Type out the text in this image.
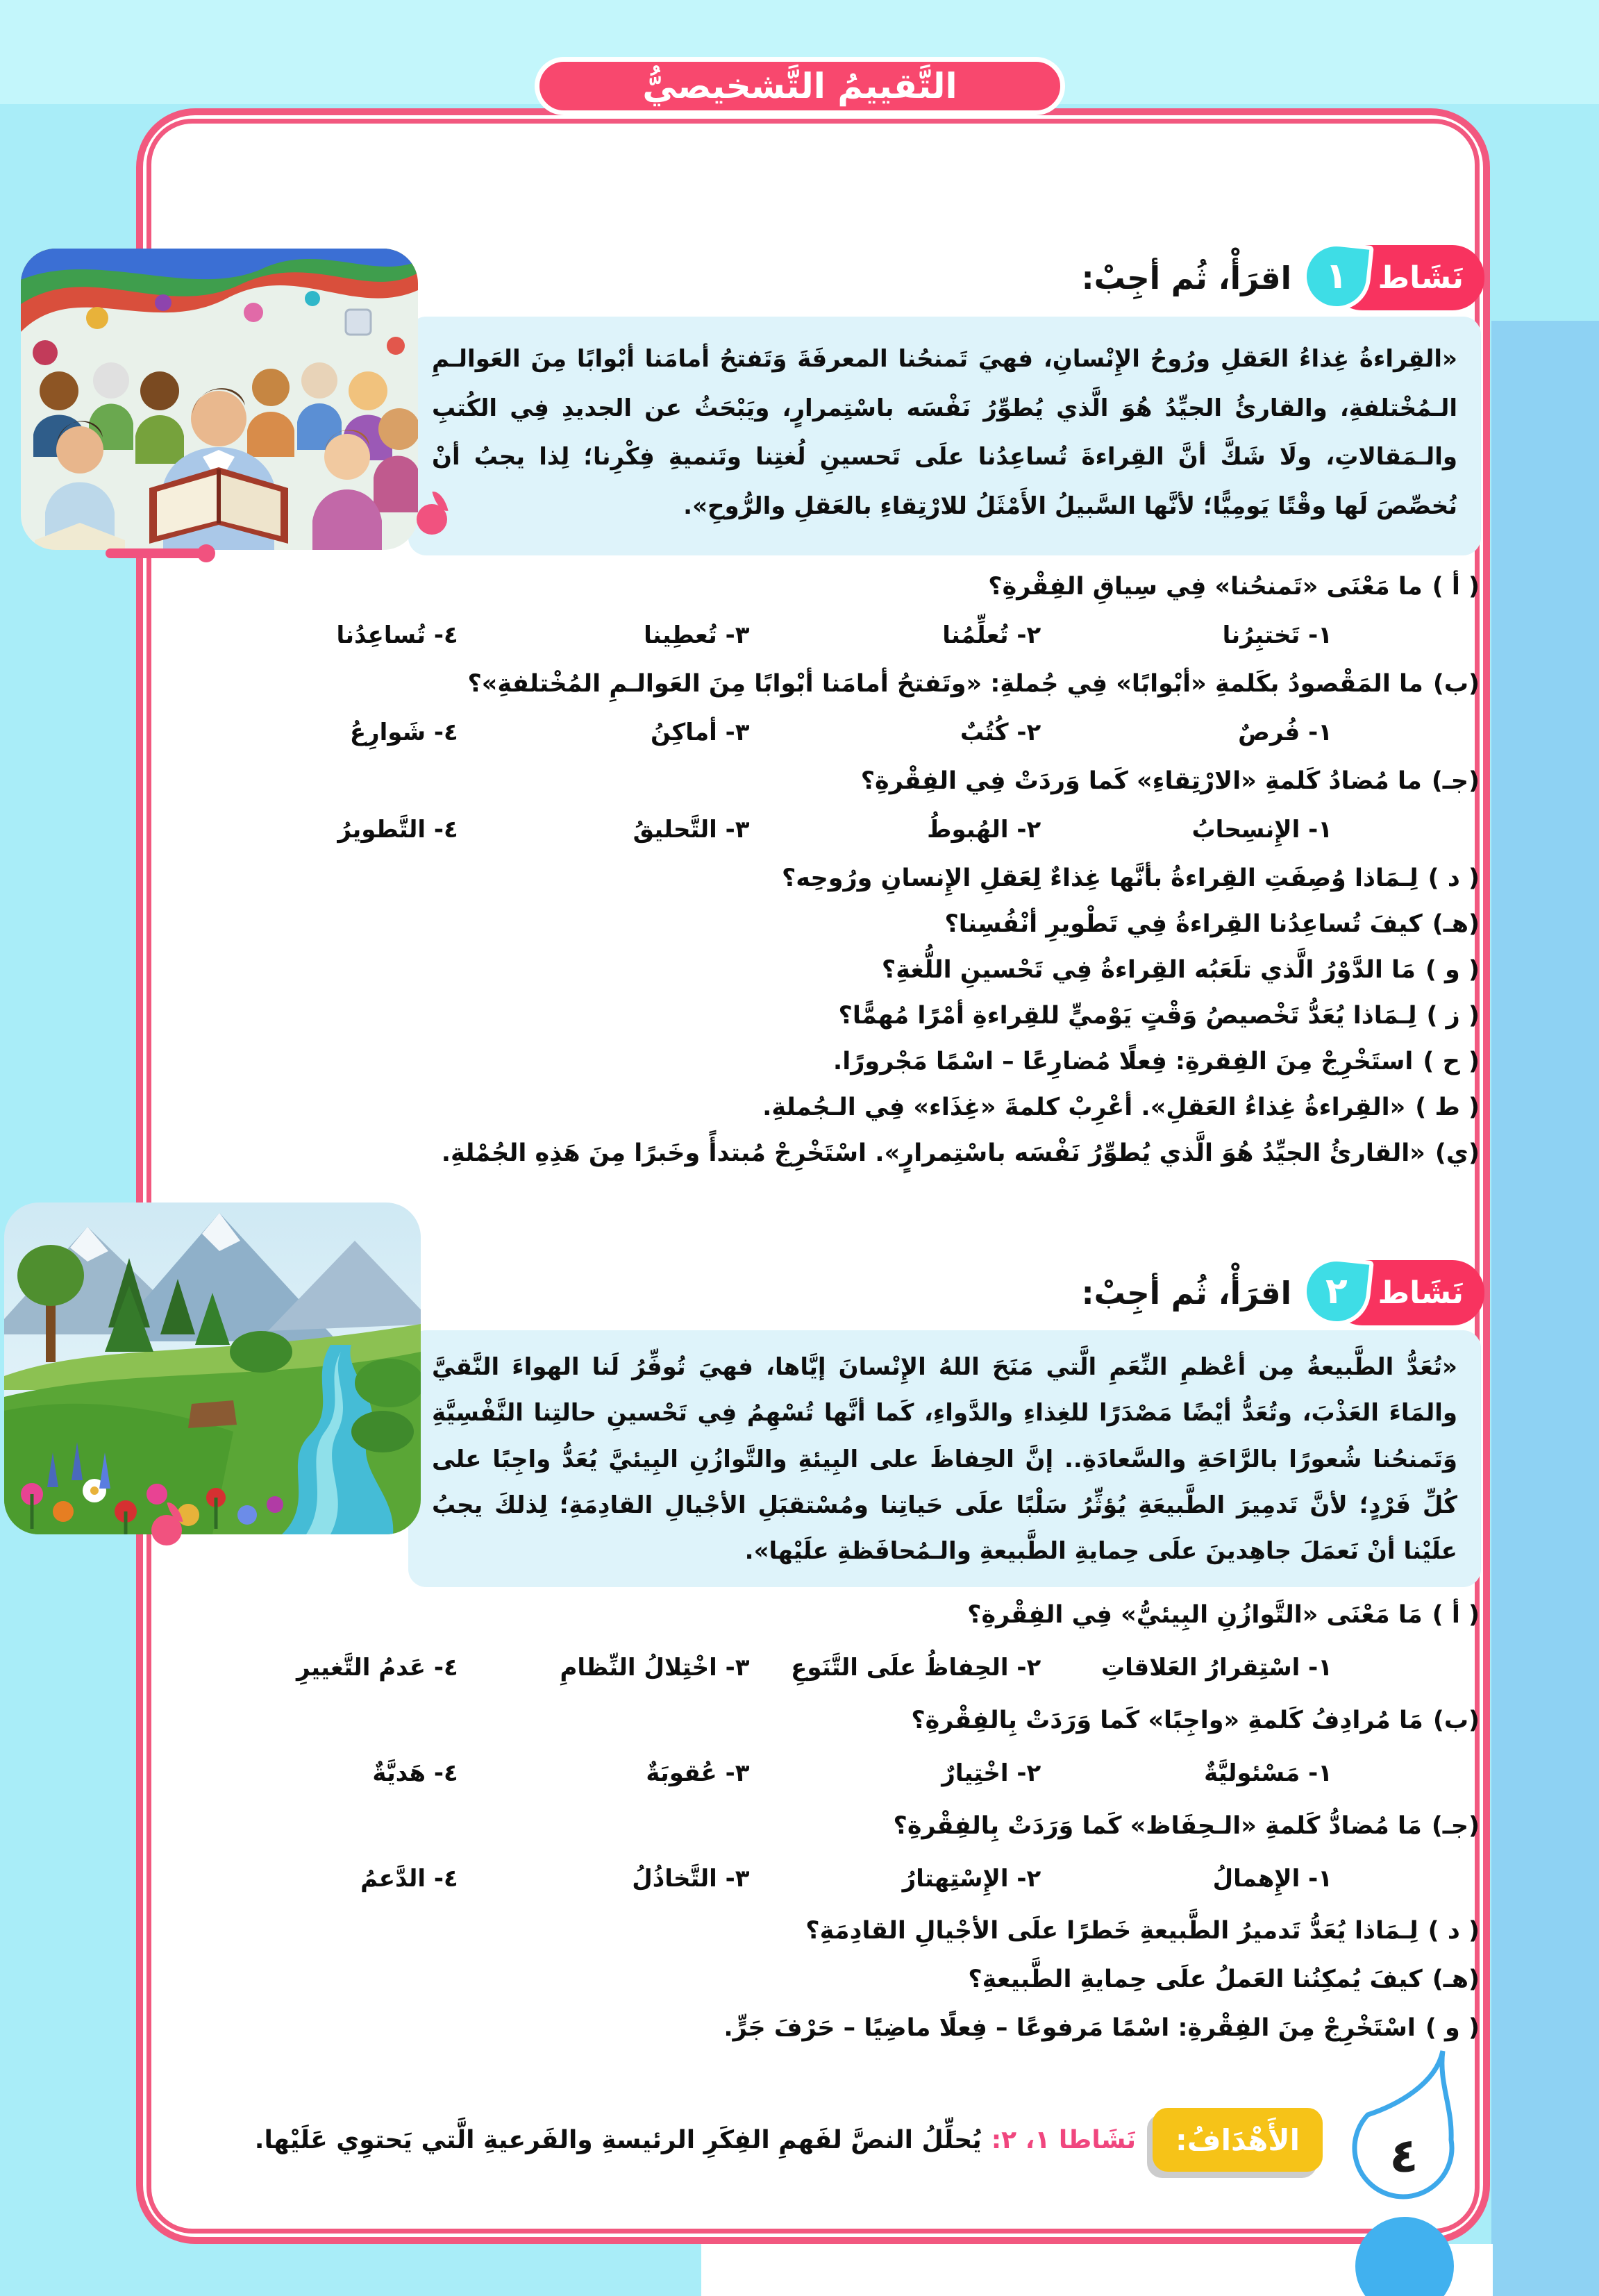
التَّقييمُ التَّشخيصيُّ
نَشَاط
١
اقرَأْ، ثُم أجِبْ:

«القِراءةُ غِذاءُ العَقلِ ورُوحُ الإِنْسانِ، فهيَ تَمنحُنا المعرفَةَ وَتَفتحُ أمامَنا أبْوابًا مِنَ العَوالـمِ الـمُخْتلفةِ، والقارئُ الجيِّدُ هُوَ الَّذي يُطوِّرُ نَفْسَه باسْتِمرارٍ، ويَبْحَثُ عن الجديدِ فِي الكُتبِ والـمَقالاتِ، ولَا شَكَّ أنَّ القِراءةَ تُساعِدُنا علَى تَحسينِ لُغتِنا وتَنميةِ فِكْرِنا؛ لِذا يجبُ أنْ نُخصِّصَ لَها وقْتًا يَومِيًّا؛ لأنَّها السَّبيلُ الأَمْثَلُ للارْتِقاءِ بالعَقلِ والرُّوحِ».

( أ )
ما مَعْنَى «تَمنحُنا» فِي سِياقِ الفِقْرةِ؟
١- تَختبِرُنا
٢- تُعلِّمُنا
٣- تُعطِينا
٤- تُساعِدُنا
(ب)
ما المَقْصودُ بكَلمةِ «أبْوابًا» فِي جُملةِ: «وتَفتحُ أمامَنا أبْوابًا مِنَ العَوالـمِ المُخْتلفةِ»؟
١- فُرصٌ
٢- كُتُبٌ
٣- أماكِنُ
٤- شَوارِعُ
(جـ)
ما مُضادُ كَلمةِ «الارْتِقاءِ» كَما وَردَتْ فِي الفِقْرةِ؟
١- الإِنسِحابُ
٢- الهُبوطُ
٣- التَّحليقُ
٤- التَّطويرُ
( د )
لِـمَاذا وُصِفَتِ القِراءةُ بأنَّها غِذاءٌ لِعَقلِ الإِنسانِ ورُوحِه؟
(هـ)
كيفَ تُساعِدُنا القِراءةُ فِي تَطْويرِ أنْفُسِنا؟
( و )
مَا الدَّوْرُ الَّذي تلَعَبُه القِراءةُ فِي تَحْسينِ اللُّغةِ؟
( ز )
لِـمَاذا يُعَدُّ تَخْصيصُ وَقْتٍ يَوْميٍّ للقِراءةِ أمْرًا مُهمًّا؟
( ح )
استَخْرِجْ مِنَ الفِقرةِ: فِعلًا مُضارِعًا – اسْمًا مَجْرورًا.
( ط )
«القِراءةُ غِذاءُ العَقلِ». أعْرِبْ كلمةَ «غِذَاء» فِي الـجُملةِ.
(ي)
«القارئُ الجيِّدُ هُوَ الَّذي يُطوِّرُ نَفْسَه باسْتِمرارٍ». اسْتَخْرِجْ مُبتدأً وخَبرًا مِنَ هَذِهِ الجُمْلةِ.
نَشَاط
٢
اقرَأْ، ثُم أجِبْ:

«تُعَدُّ الطَّبيعةُ مِن أعْظمِ النِّعَمِ الَّتي مَنَحَ اللهُ الإِنْسانَ إيَّاها، فهيَ تُوفِّرُ لَنا الهواءَ النَّقيَّ والمَاءَ العَذْبَ، وتُعَدُّ أيْضًا مَصْدَرًا للغِذاءِ والدَّواءِ، كَما أنَّها تُسْهِمُ فِي تَحْسينِ حالتِنا النَّفْسِيَّةِ وَتَمنحُنا شُعورًا بالرَّاحَةِ والسَّعادَةِ.. إنَّ الحِفاظَ على البِيئةِ والتَّوازُنِ البِيئيَّ يُعَدُّ واجِبًا على كُلِّ فَرْدٍ؛ لأنَّ تَدمِيرَ الطَّبيعَةِ يُؤثِّرُ سَلْبًا علَى حَياتِنا ومُسْتقبَلِ الأجْيالِ القادِمَةِ؛ لِذلكَ يجبُ علَيْنا أنْ نَعمَلَ جاهِدينَ علَى حِمايةِ الطَّبيعةِ والـمُحافَظةِ علَيْها».

( أ )
مَا مَعْنَى «التَّوازُنِ البِيئيُّ» فِي الفِقْرةِ؟
١- اسْتِقرارُ العَلاقاتِ
٢- الحِفاظُ علَى التَّنَوعِ
٣- اخْتِلالُ النِّظامِ
٤- عَدمُ التَّغييرِ
(ب)
مَا مُرادِفُ كَلمةِ «واجِبًا» كَما وَرَدَتْ بِالفِقْرةِ؟
١- مَسْئوليَّةٌ
٢- اخْتِيارٌ
٣- عُقوبَةٌ
٤- هَديَّةٌ
(جـ)
مَا مُضادُّ كَلمةِ «الـحِفَاظ» كَما وَرَدَتْ بِالفِقْرةِ؟
١- الإِهمالُ
٢- الإِسْتِهتارُ
٣- التَّخاذُلُ
٤- الدَّعمُ
( د )
لِـمَاذا يُعَدُّ تَدميرُ الطَّبيعةِ خَطرًا علَى الأجْيالِ القادِمَةِ؟
(هـ)
كيفَ يُمكِنُنا العَملُ علَى حِمايةِ الطَّبيعةِ؟
( و )
اسْتَخْرِجْ مِنَ الفِقْرةِ: اسْمًا مَرفوعًا – فِعلًا ماضِيًا – حَرْفَ جَرٍّ.
الأَهْدَافُ:
نَشَاطا ١، ٢:
يُحلِّلُ النصَّ لفَهمِ الفِكَرِ الرئيسةِ والفَرعيةِ الَّتي يَحتوِي عَلَيْها.	٤
